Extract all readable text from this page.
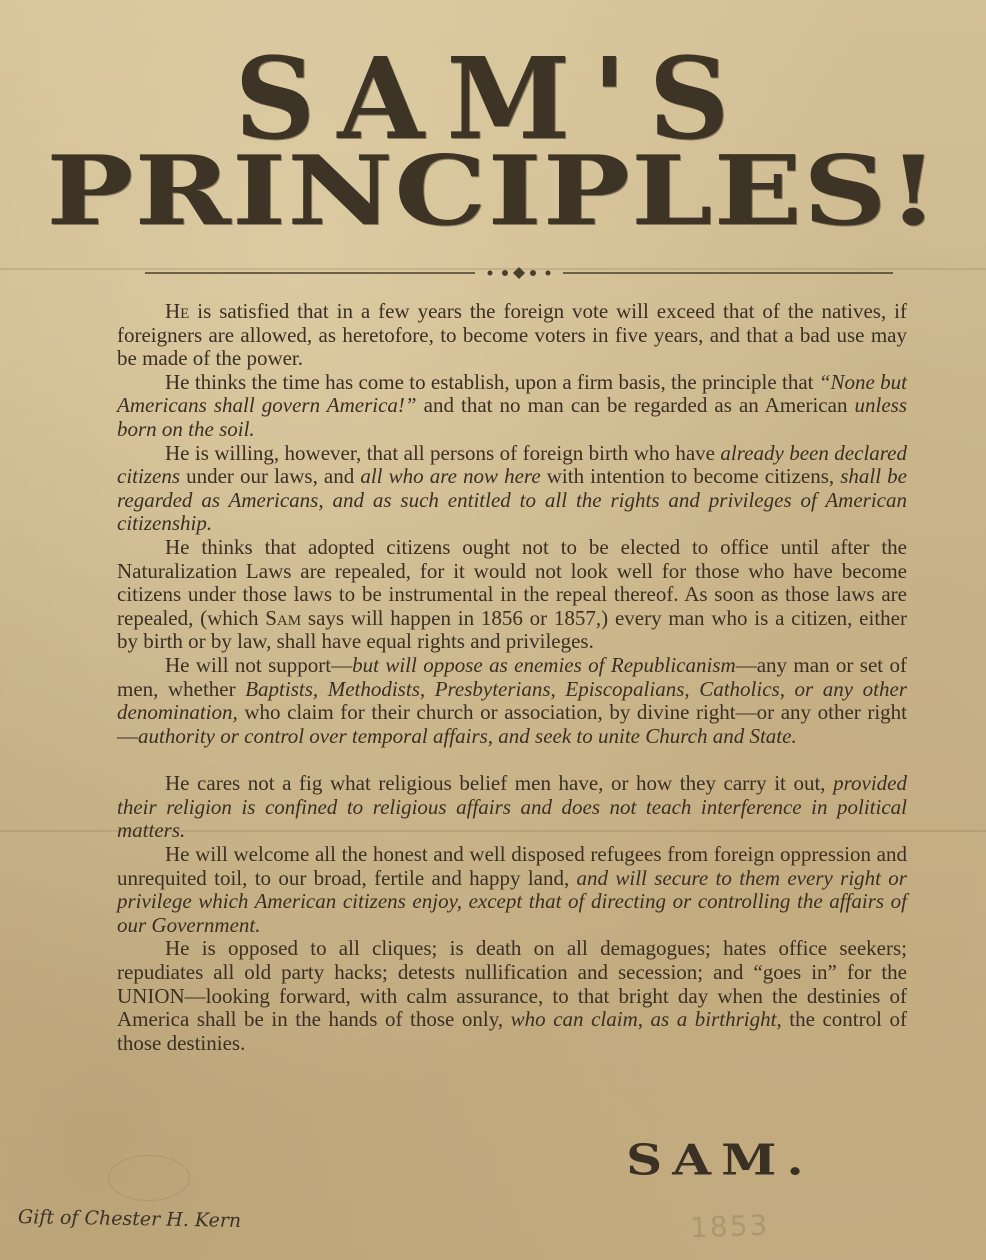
SAM'S
PRINCIPLES!

He is satisfied that in a few years the foreign vote will exceed that of the natives, if foreigners are allowed, as heretofore, to become voters in five years, and that a bad use may be made of the power.

He thinks the time has come to establish, upon a firm basis, the principle that “None but Americans shall govern America!” and that no man can be regarded as an American unless born on the soil.

He is willing, however, that all persons of foreign birth who have already been declared citizens under our laws, and all who are now here with intention to become citizens, shall be regarded as Americans, and as such entitled to all the rights and privileges of American citizenship.

He thinks that adopted citizens ought not to be elected to office until after the Naturalization Laws are repealed, for it would not look well for those who have become citizens under those laws to be instrumental in the repeal thereof. As soon as those laws are repealed, (which Sam says will happen in 1856 or 1857,) every man who is a citizen, either by birth or by law, shall have equal rights and privileges.

He will not support—but will oppose as enemies of Republicanism—any man or set of men, whether Baptists, Methodists, Presbyterians, Episcopalians, Catholics, or any other denomination, who claim for their church or association, by divine right—or any other right—authority or control over temporal affairs, and seek to unite Church and State.

He cares not a fig what religious belief men have, or how they carry it out, provided their religion is confined to religious affairs and does not teach interference in political matters.

He will welcome all the honest and well disposed refugees from foreign oppression and unrequited toil, to our broad, fertile and happy land, and will secure to them every right or privilege which American citizens enjoy, except that of directing or controlling the affairs of our Government.

He is opposed to all cliques; is death on all demagogues; hates office seekers; repudiates all old party hacks; detests nullification and secession; and “goes in” for the UNION—looking forward, with calm assurance, to that bright day when the destinies of America shall be in the hands of those only, who can claim, as a birthright, the control of those destinies.

SAM.
Gift of Chester H. Kern	1853
